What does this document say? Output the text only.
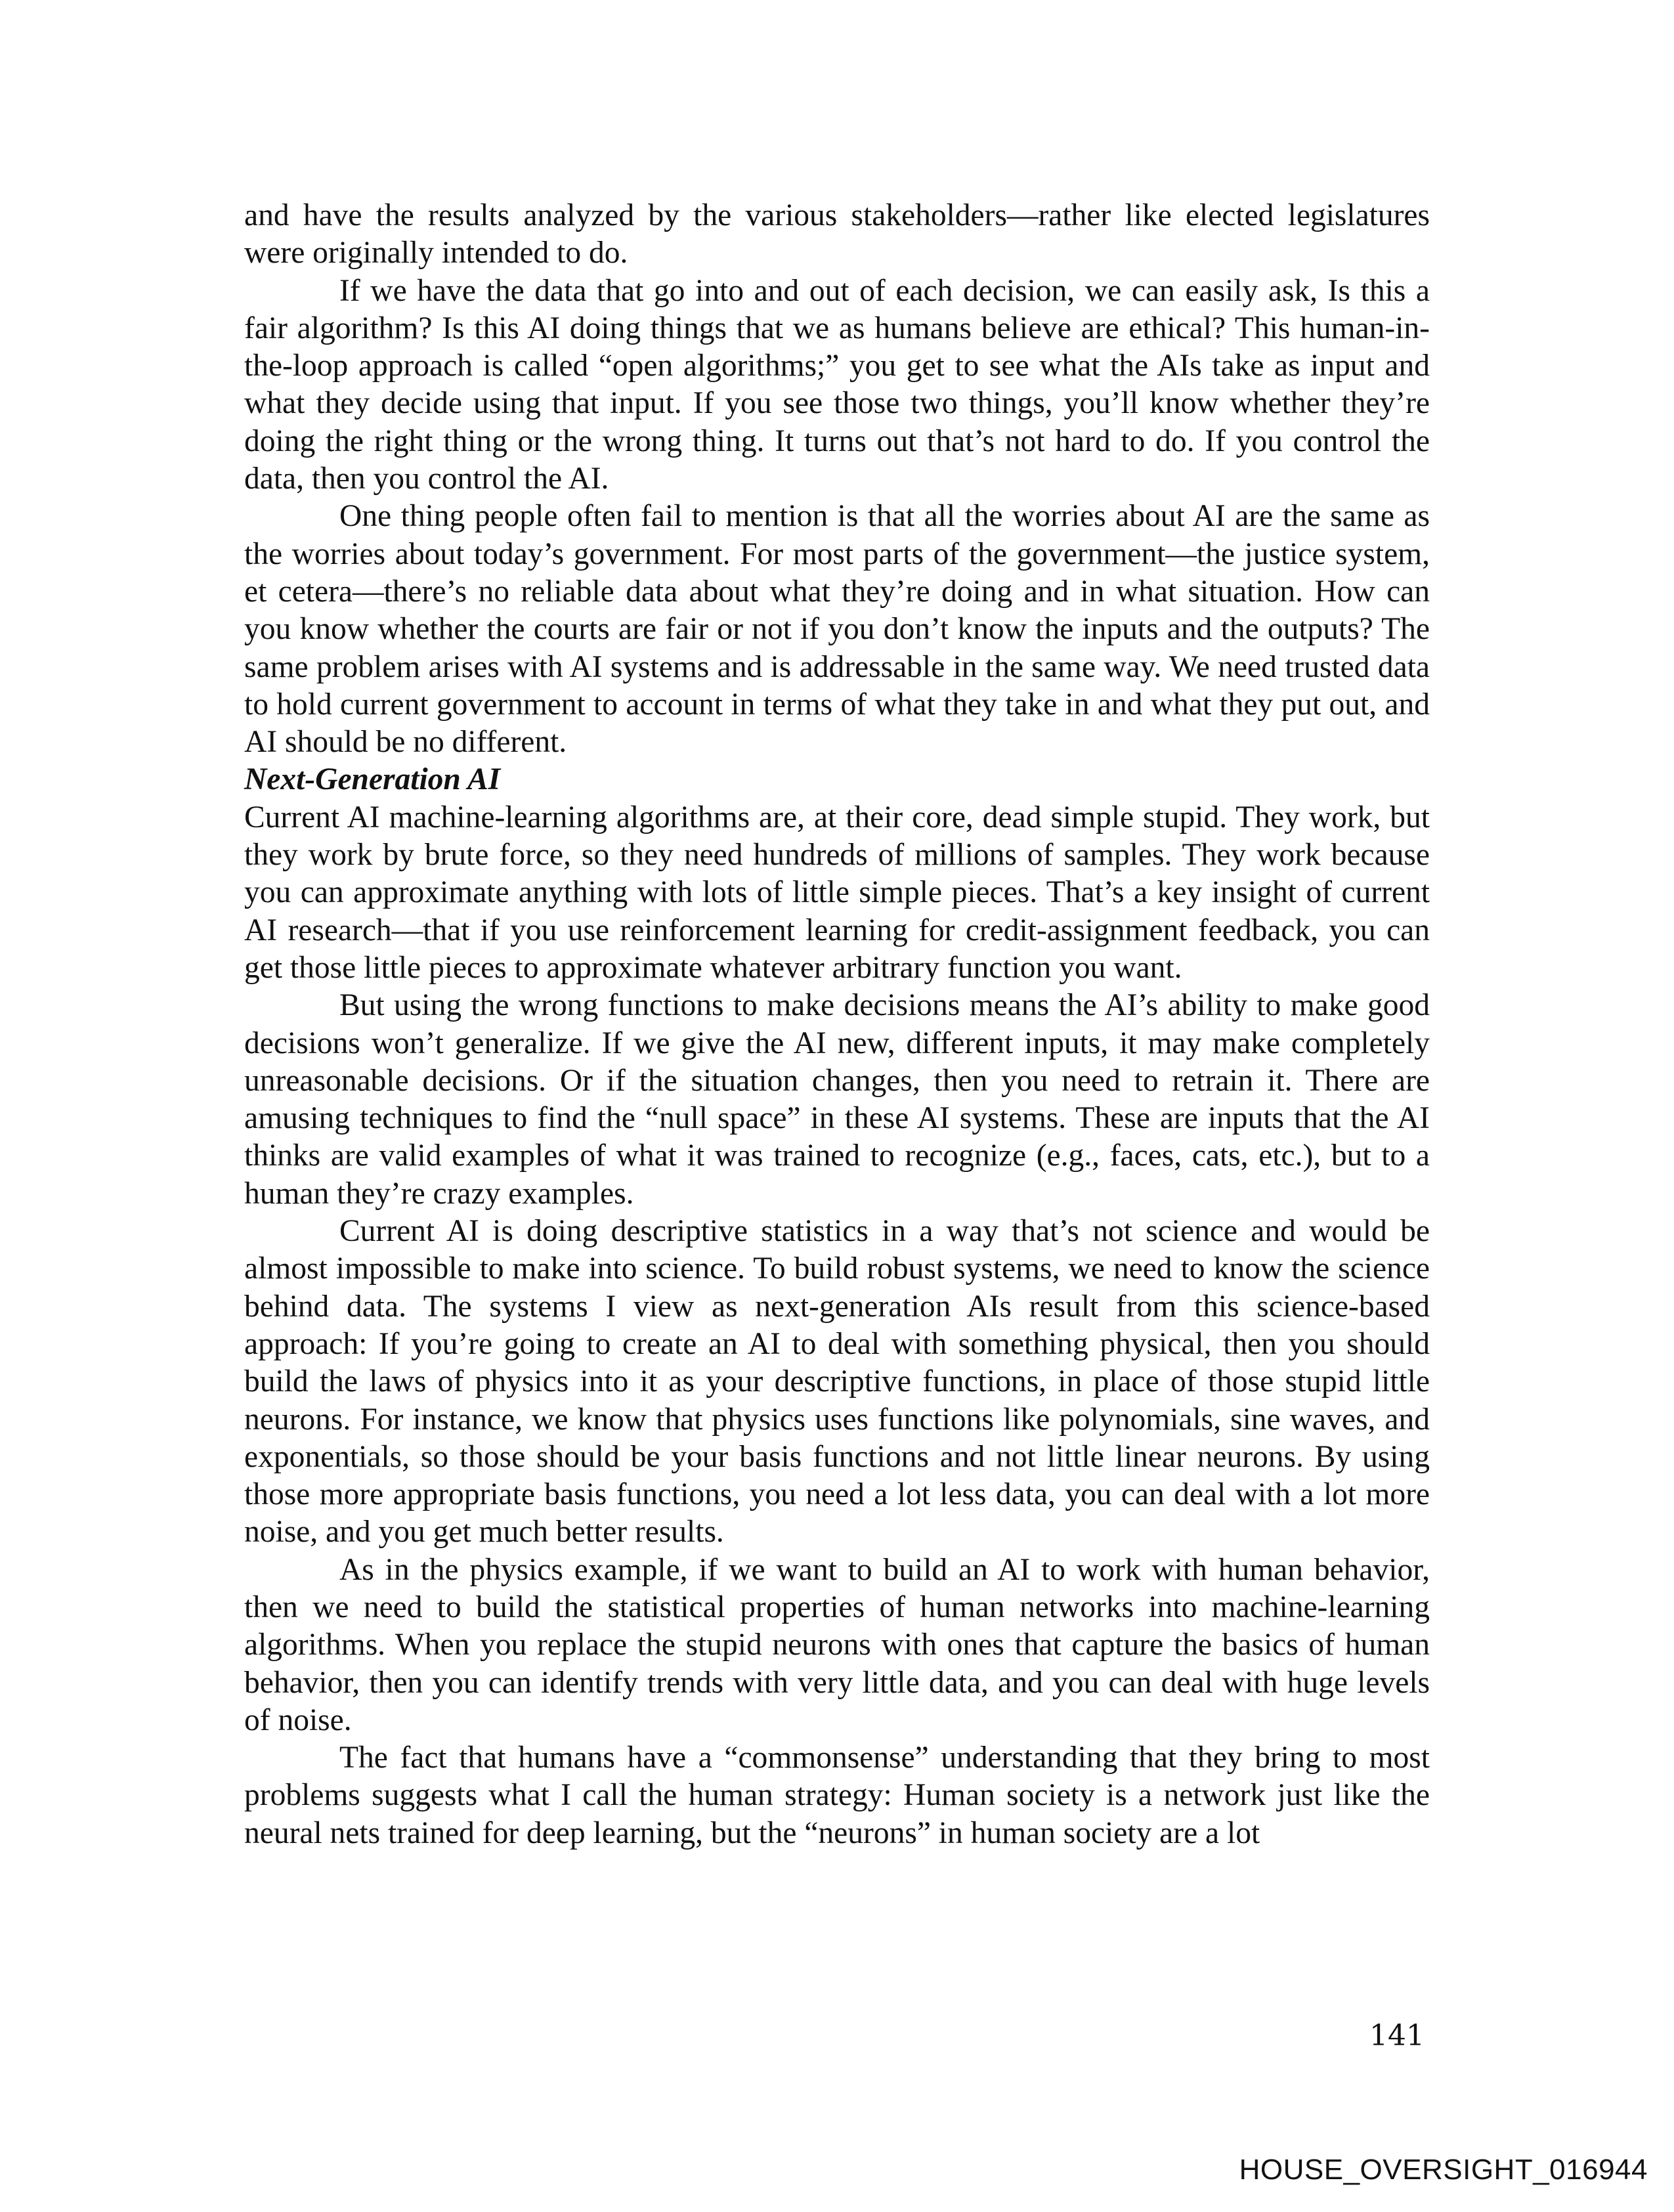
and have the results analyzed by the various stakeholders—rather like elected legislatures were originally intended to do.

If we have the data that go into and out of each decision, we can easily ask, Is this a fair algorithm? Is this AI doing things that we as humans believe are ethical? This human-in-the-loop approach is called “open algorithms;” you get to see what the AIs take as input and what they decide using that input. If you see those two things, you’ll know whether they’re doing the right thing or the wrong thing. It turns out that’s not hard to do. If you control the data, then you control the AI.

One thing people often fail to mention is that all the worries about AI are the same as the worries about today’s government. For most parts of the government—the justice system, et cetera—there’s no reliable data about what they’re doing and in what situation. How can you know whether the courts are fair or not if you don’t know the inputs and the outputs? The same problem arises with AI systems and is addressable in the same way. We need trusted data to hold current government to account in terms of what they take in and what they put out, and AI should be no different.

Next-Generation AI

Current AI machine-learning algorithms are, at their core, dead simple stupid. They work, but they work by brute force, so they need hundreds of millions of samples. They work because you can approximate anything with lots of little simple pieces. That’s a key insight of current AI research—that if you use reinforcement learning for credit-assignment feedback, you can get those little pieces to approximate whatever arbitrary function you want.

But using the wrong functions to make decisions means the AI’s ability to make good decisions won’t generalize. If we give the AI new, different inputs, it may make completely unreasonable decisions. Or if the situation changes, then you need to retrain it. There are amusing techniques to find the “null space” in these AI systems. These are inputs that the AI thinks are valid examples of what it was trained to recognize (e.g., faces, cats, etc.), but to a human they’re crazy examples.

Current AI is doing descriptive statistics in a way that’s not science and would be almost impossible to make into science. To build robust systems, we need to know the science behind data. The systems I view as next-generation AIs result from this science-based approach: If you’re going to create an AI to deal with something physical, then you should build the laws of physics into it as your descriptive functions, in place of those stupid little neurons. For instance, we know that physics uses functions like polynomials, sine waves, and exponentials, so those should be your basis functions and not little linear neurons. By using those more appropriate basis functions, you need a lot less data, you can deal with a lot more noise, and you get much better results.

As in the physics example, if we want to build an AI to work with human behavior, then we need to build the statistical properties of human networks into machine-learning algorithms. When you replace the stupid neurons with ones that capture the basics of human behavior, then you can identify trends with very little data, and you can deal with huge levels of noise.

The fact that humans have a “commonsense” understanding that they bring to most problems suggests what I call the human strategy: Human society is a network just like the neural nets trained for deep learning, but the “neurons” in human society are a lot

141
HOUSE_OVERSIGHT_016944
